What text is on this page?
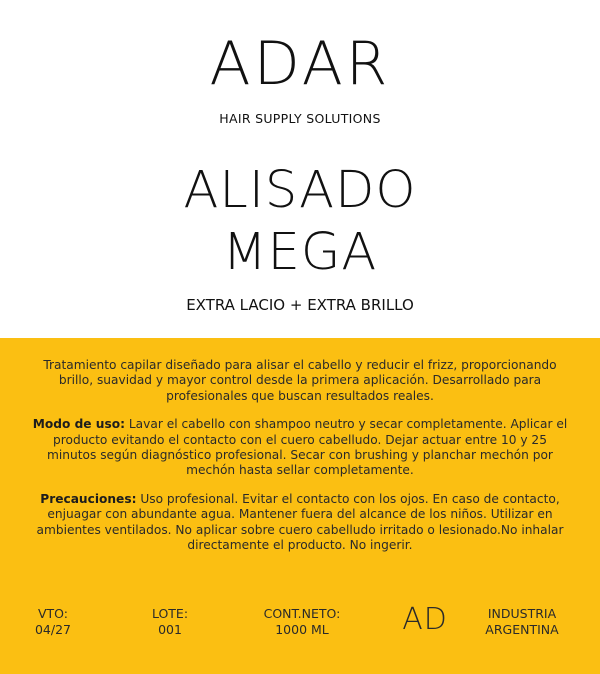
ADAR
HAIR SUPPLY SOLUTIONS
ALISADO
MEGA
EXTRA LACIO + EXTRA BRILLO

Tratamiento capilar diseñado para alisar el cabello y reducir el frizz, proporcionando brillo, suavidad y mayor control desde la primera aplicación. Desarrollado para profesionales que buscan resultados reales.

Modo de uso: Lavar el cabello con shampoo neutro y secar completamente. Aplicar el producto evitando el contacto con el cuero cabelludo. Dejar actuar entre 10 y 25 minutos según diagnóstico profesional. Secar con brushing y planchar mechón por mechón hasta sellar completamente.

Precauciones: Uso profesional. Evitar el contacto con los ojos. En caso de contacto, enjuagar con abundante agua. Mantener fuera del alcance de los niños. Utilizar en ambientes ventilados. No aplicar sobre cuero cabelludo irritado o lesionado.No inhalar directamente el producto. No ingerir.

VTO:
04/27
LOTE:
001
CONT.NETO:
1000 ML	AD	INDUSTRIA
ARGENTINA
